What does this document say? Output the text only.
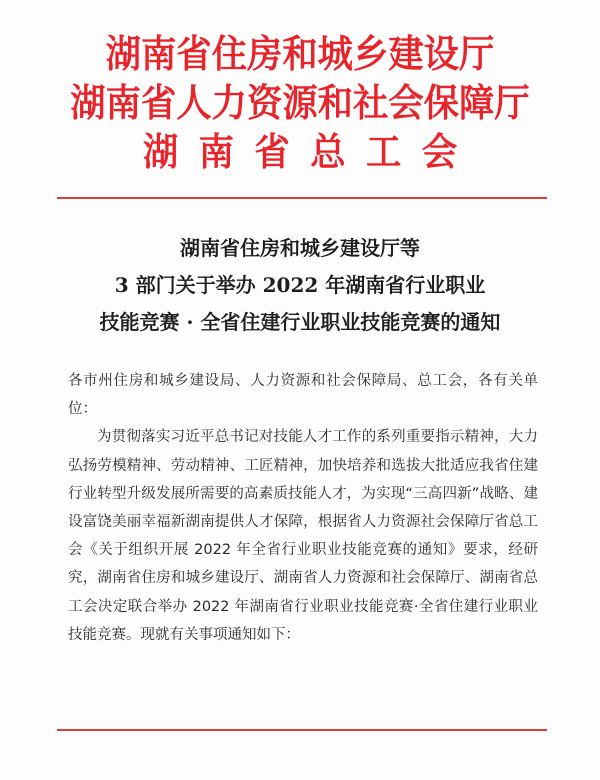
湖南省住房和城乡建设厅
湖南省人力资源和社会保障厅
湖南省总工会
湖南省住房和城乡建设厅等
3 部门关于举办 2022 年湖南省行业职业
技能竞赛 · 全省住建行业职业技能竞赛的通知

各市州住房和城乡建设局、人力资源和社会保障局、总工会，各有关单位：

为贯彻落实习近平总书记对技能人才工作的系列重要指示精神，大力弘扬劳模精神、劳动精神、工匠精神，加快培养和选拔大批适应我省住建行业转型升级发展所需要的高素质技能人才，为实现“三高四新”战略、建设富饶美丽幸福新湖南提供人才保障，根据省人力资源社会保障厅省总工会《关于组织开展 2022 年全省行业职业技能竞赛的通知》要求，经研究，湖南省住房和城乡建设厅、湖南省人力资源和社会保障厅、湖南省总工会决定联合举办 2022 年湖南省行业职业技能竞赛·全省住建行业职业技能竞赛。现就有关事项通知如下：
